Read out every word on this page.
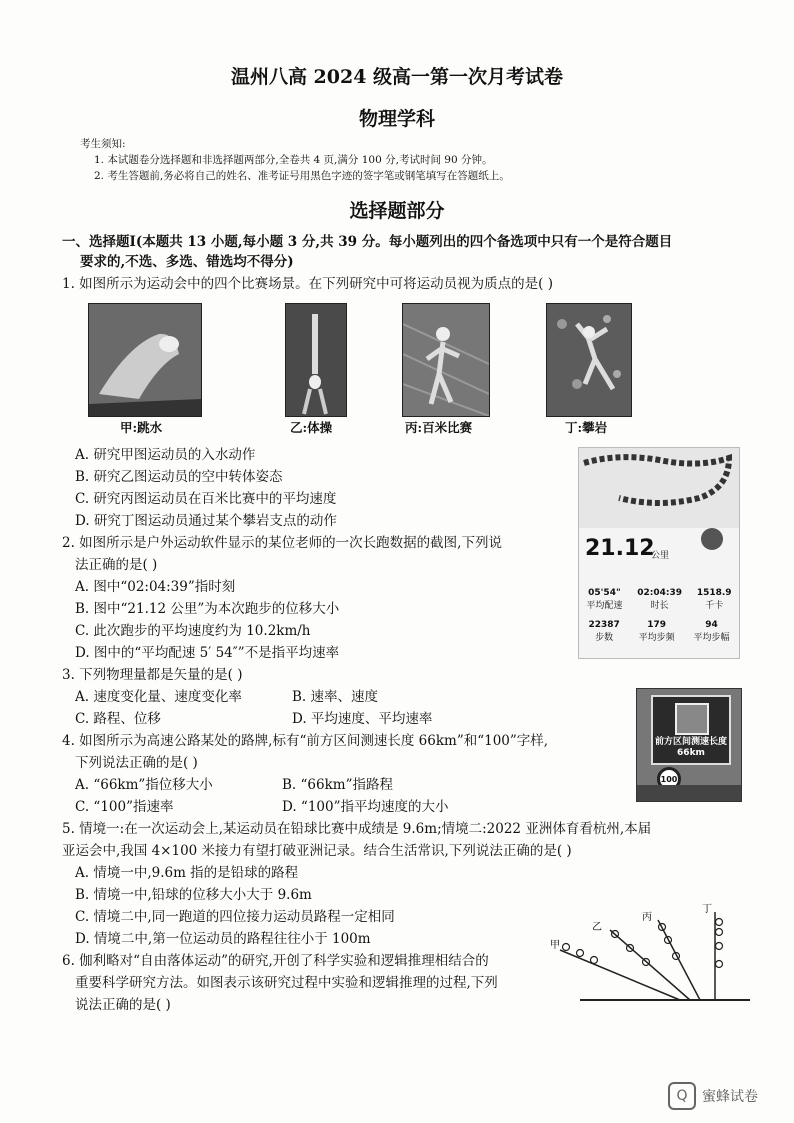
温州八高 2024 级高一第一次月考试卷
物理学科
考生须知:
1. 本试题卷分选择题和非选择题两部分,全卷共 4 页,满分 100 分,考试时间 90 分钟。
2. 考生答题前,务必将自己的姓名、准考证号用黑色字迹的签字笔或钢笔填写在答题纸上。
选择题部分
一、选择题Ⅰ(本题共 13 小题,每小题 3 分,共 39 分。每小题列出的四个备选项中只有一个是符合题目
要求的,不选、多选、错选均不得分)
1. 如图所示为运动会中的四个比赛场景。在下列研究中可将运动员视为质点的是( )
甲:跳水	乙:体操	丙:百米比赛	丁:攀岩
A. 研究甲图运动员的入水动作
B. 研究乙图运动员的空中转体姿态
C. 研究丙图运动员在百米比赛中的平均速度
D. 研究丁图运动员通过某个攀岩支点的动作
21.12
公里
05'54"
平均配速
02:04:39
时长
1518.9
千卡
22387
步数
179
平均步频
94
平均步幅
2. 如图所示是户外运动软件显示的某位老师的一次长跑数据的截图,下列说
法正确的是( )
A. 图中“02:04:39”指时刻
B. 图中“21.12 公里”为本次跑步的位移大小
C. 此次跑步的平均速度约为 10.2km/h
D. 图中的“平均配速 5′ 54″”不是指平均速率
3. 下列物理量都是矢量的是( )
A. 速度变化量、速度变化率	B. 速率、速度
C. 路程、位移	D. 平均速度、平均速率
前方区间测速长度66km
100
4. 如图所示为高速公路某处的路牌,标有“前方区间测速长度 66km”和“100”字样,
下列说法正确的是( )
A. “66km”指位移大小	B. “66km”指路程
C. “100”指速率	D. “100”指平均速度的大小
5. 情境一:在一次运动会上,某运动员在铅球比赛中成绩是 9.6m;情境二:2022 亚洲体育看杭州,本届
亚运会中,我国 4×100 米接力有望打破亚洲记录。结合生活常识,下列说法正确的是( )
A. 情境一中,9.6m 指的是铅球的路程
B. 情境一中,铅球的位移大小大于 9.6m
C. 情境二中,同一跑道的四位接力运动员路程一定相同
D. 情境二中,第一位运动员的路程往往小于 100m
6. 伽利略对“自由落体运动”的研究,开创了科学实验和逻辑推理相结合的
重要科学研究方法。如图表示该研究过程中实验和逻辑推理的过程,下列
说法正确的是( )
甲
乙
丙
丁
Q	蜜蜂试卷
